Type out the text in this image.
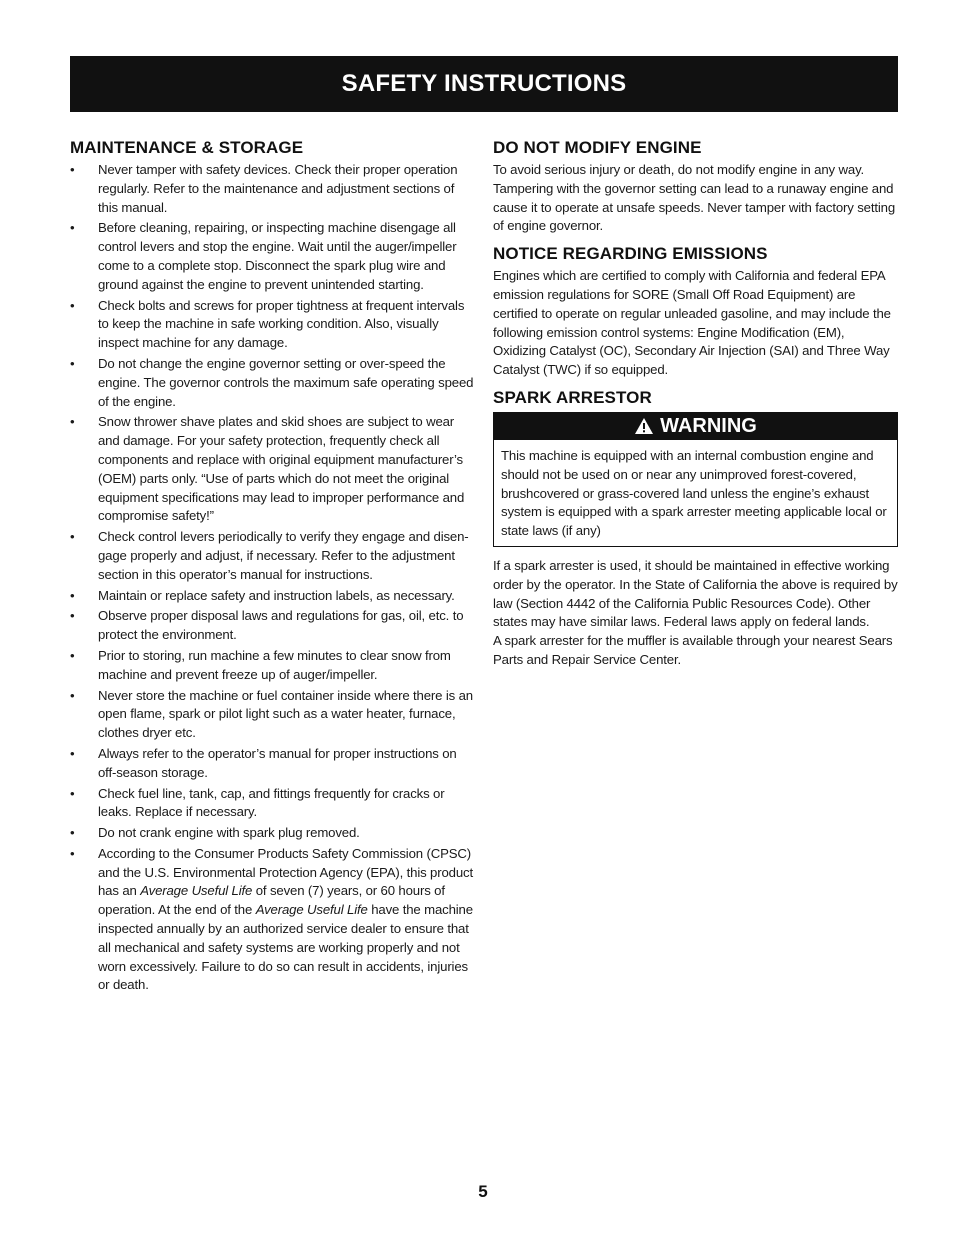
SAFETY INSTRUCTIONS
MAINTENANCE & STORAGE
• Never tamper with safety devices. Check their proper operation regularly. Refer to the maintenance and adjustment sections of this manual.
• Before cleaning, repairing, or inspecting machine disengage all control levers and stop the engine. Wait until the auger/impeller come to a complete stop. Disconnect the spark plug wire and ground against the engine to prevent unintended starting.
• Check bolts and screws for proper tightness at frequent intervals to keep the machine in safe working condition. Also, visually inspect machine for any damage.
• Do not change the engine governor setting or over-speed the engine. The governor controls the maximum safe operating speed of the engine.
• Snow thrower shave plates and skid shoes are subject to wear and damage. For your safety protection, frequently check all components and replace with original equipment manufacturer’s (OEM) parts only. “Use of parts which do not meet the original equipment specifications may lead to improper performance and compromise safety!”
• Check control levers periodically to verify they engage and disen- gage properly and adjust, if necessary. Refer to the adjustment section in this operator’s manual for instructions.
• Maintain or replace safety and instruction labels, as necessary.
• Observe proper disposal laws and regulations for gas, oil, etc. to protect the environment.
• Prior to storing, run machine a few minutes to clear snow from machine and prevent freeze up of auger/impeller.
• Never store the machine or fuel container inside where there is an open flame, spark or pilot light such as a water heater, furnace, clothes dryer etc.
• Always refer to the operator’s manual for proper instructions on off-season storage.
• Check fuel line, tank, cap, and fittings frequently for cracks or leaks. Replace if necessary.
• Do not crank engine with spark plug removed.
• According to the Consumer Products Safety Commission (CPSC) and the U.S. Environmental Protection Agency (EPA), this product has an Average Useful Life of seven (7) years, or 60 hours of operation. At the end of the Average Useful Life have the machine inspected annually by an authorized service dealer to ensure that all mechanical and safety systems are working properly and not worn excessively. Failure to do so can result in accidents, injuries or death.
DO NOT MODIFY ENGINE

To avoid serious injury or death, do not modify engine in any way. Tampering with the governor setting can lead to a runaway engine and cause it to operate at unsafe speeds. Never tamper with factory setting of engine governor.

NOTICE REGARDING EMISSIONS

Engines which are certified to comply with California and federal EPA emission regulations for SORE (Small Off Road Equipment) are certified to operate on regular unleaded gasoline, and may include the following emission control systems: Engine Modification (EM), Oxidizing Catalyst (OC), Secondary Air Injection (SAI) and Three Way Catalyst (TWC) if so equipped.

SPARK ARRESTOR
WARNING

This machine is equipped with an internal combustion engine and should not be used on or near any unimproved forest-covered, brushcovered or grass-covered land unless the engine’s exhaust system is equipped with a spark arrester meeting applicable local or state laws (if any)

If a spark arrester is used, it should be maintained in effective working order by the operator. In the State of California the above is required by law (Section 4442 of the California Public Resources Code). Other states may have similar laws. Federal laws apply on federal lands.

A spark arrester for the muffler is available through your nearest Sears Parts and Repair Service Center.

5
